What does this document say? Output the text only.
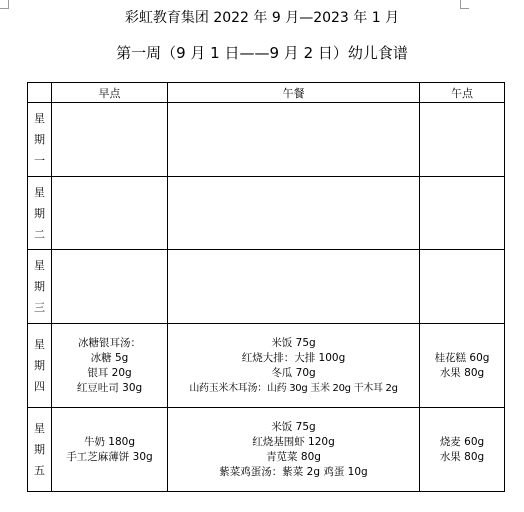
彩虹教育集团 2022 年 9 月—2023 年 1 月
第一周（9 月 1 日——9 月 2 日）幼儿食谱
	早点	午餐	午点

星
期
一			

星
期
二			

星
期
三			

星
期
四	冰糖银耳汤：
冰糖 5g
银耳 20g
红豆吐司 30g	米饭 75g
红烧大排：大排 100g
冬瓜 70g
山药玉米木耳汤：山药 30g 玉米 20g 干木耳 2g	桂花糕 60g
水果 80g

星
期
五	牛奶 180g
手工芝麻薄饼 30g	米饭 75g
红烧基围虾 120g
青苋菜 80g
紫菜鸡蛋汤：紫菜 2g 鸡蛋 10g	烧麦 60g
水果 80g
